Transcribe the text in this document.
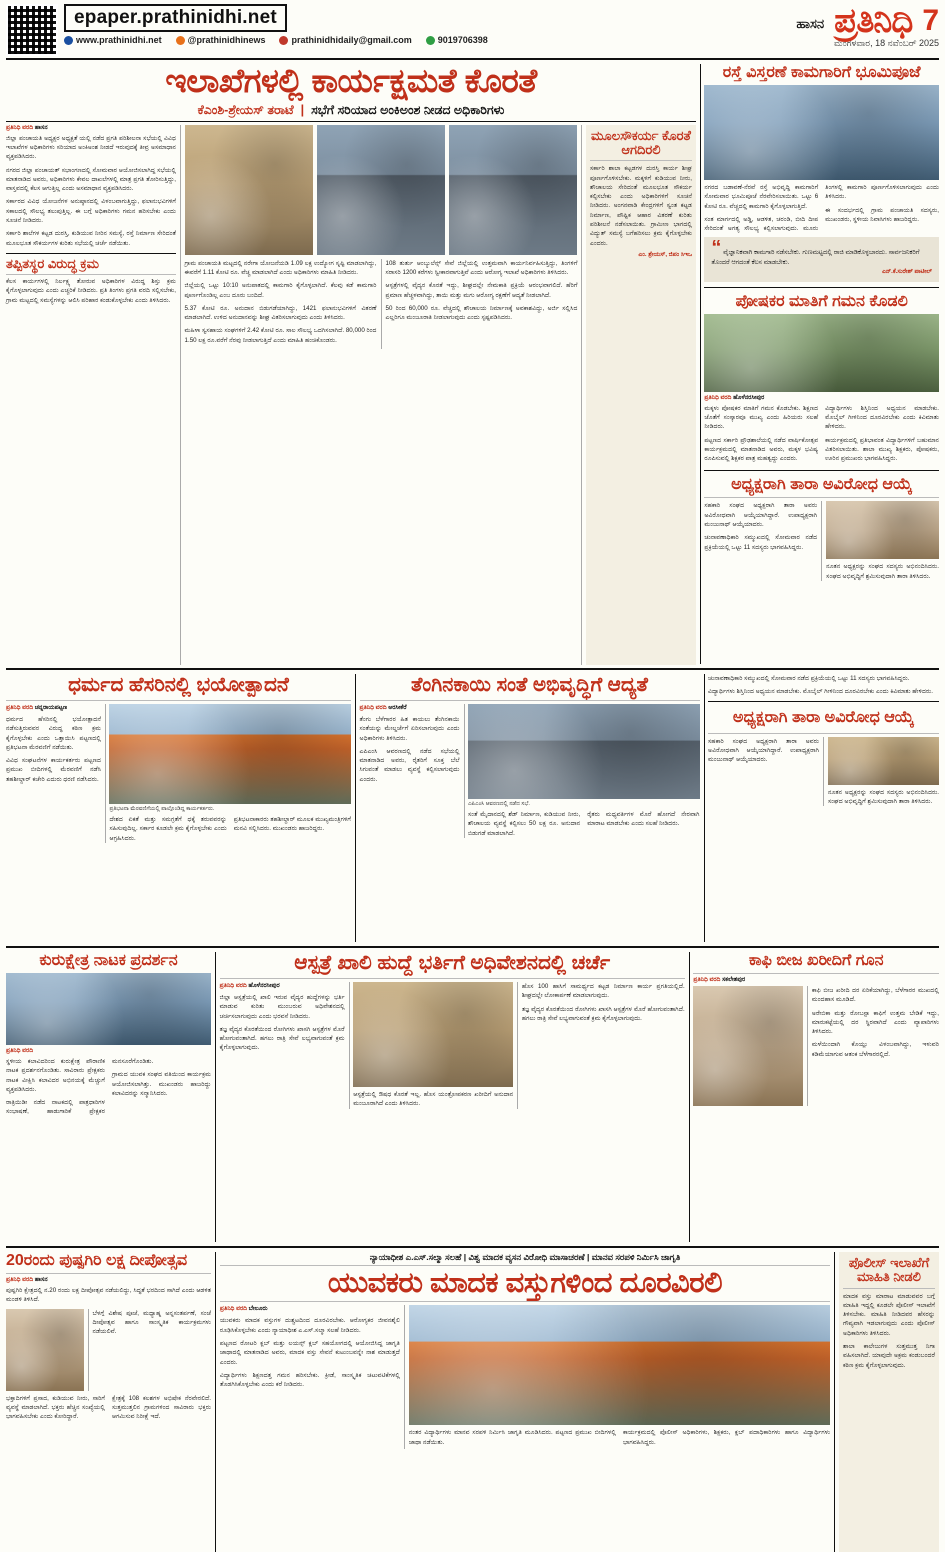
epaper.prathinidhi.net
www.prathinidhi.net	@prathinidhinews	prathinidhidaily@gmail.com	9019706398
ಹಾಸನ ಪ್ರತಿನಿಧಿ 7
ಮಂಗಳವಾರ, 18 ನವೆಂಬರ್ 2025
ಇಲಾಖೆಗಳಲ್ಲಿ ಕಾರ್ಯಕ್ಷಮತೆ ಕೊರತೆ
ಕೆಎಂಶಿ-ಶ್ರೇಯಸ್ ತರಾಟೆ  |  ಸಭೆಗೆ ಸರಿಯಾದ ಅಂಕಿಅಂಶ ನೀಡದ ಅಧಿಕಾರಿಗಳು
ಪ್ರತಿನಿಧಿ ವರದಿ ಹಾಸನ

ಜಿಲ್ಲಾ ಪಂಚಾಯತಿ ಅಧ್ಯಕ್ಷರ ಅಧ್ಯಕ್ಷತೆ ಯಲ್ಲಿ ನಡೆದ ಪ್ರಗತಿ ಪರಿಶೀಲನಾ ಸಭೆಯಲ್ಲಿ ವಿವಿಧ ಇಲಾಖೆಗಳ ಅಧಿಕಾರಿಗಳು ಸರಿಯಾದ ಅಂಕಿಅಂಶ ನೀಡದೆ ಇರುವುದಕ್ಕೆ ತೀವ್ರ ಅಸಮಾಧಾನ ವ್ಯಕ್ತಪಡಿಸಿದರು.

ನಗರದ ಜಿಲ್ಲಾ ಪಂಚಾಯತ್ ಸಭಾಂಗಣದಲ್ಲಿ ಸೋಮವಾರ ಆಯೋಜಿಸಲಾಗಿದ್ದ ಸಭೆಯಲ್ಲಿ ಮಾತನಾಡಿದ ಅವರು, ಅಧಿಕಾರಿಗಳು ಕೇವಲ ದಾಖಲೆಗಳಲ್ಲಿ ಮಾತ್ರ ಪ್ರಗತಿ ತೋರಿಸುತ್ತಿದ್ದು, ವಾಸ್ತವದಲ್ಲಿ ಕೆಲಸ ಆಗುತ್ತಿಲ್ಲ ಎಂದು ಅಸಮಾಧಾನ ವ್ಯಕ್ತಪಡಿಸಿದರು.

ಸರ್ಕಾರದ ವಿವಿಧ ಯೋಜನೆಗಳ ಅನುಷ್ಠಾನದಲ್ಲಿ ವಿಳಂಬವಾಗುತ್ತಿದ್ದು, ಫಲಾನುಭವಿಗಳಿಗೆ ಸಕಾಲದಲ್ಲಿ ಸೌಲಭ್ಯ ತಲುಪುತ್ತಿಲ್ಲ. ಈ ಬಗ್ಗೆ ಅಧಿಕಾರಿಗಳು ಗಮನ ಹರಿಸಬೇಕು ಎಂದು ಸೂಚನೆ ನೀಡಿದರು.

ಸರ್ಕಾರಿ ಶಾಲೆಗಳ ಕಟ್ಟಡ ದುರಸ್ತಿ, ಕುಡಿಯುವ ನೀರಿನ ಸಮಸ್ಯೆ, ರಸ್ತೆ ನಿರ್ಮಾಣ ಸೇರಿದಂತೆ ಮೂಲಭೂತ ಸೌಕರ್ಯಗಳ ಕುರಿತು ಸಭೆಯಲ್ಲಿ ಚರ್ಚೆ ನಡೆಯಿತು.

ತಪ್ಪಿತಸ್ಥರ ವಿರುದ್ಧ ಕ್ರಮ
ಕೆಲಸ ಕಾರ್ಯಗಳಲ್ಲಿ ನಿರ್ಲಕ್ಷ್ಯ ತೋರುವ ಅಧಿಕಾರಿಗಳ ವಿರುದ್ಧ ಶಿಸ್ತು ಕ್ರಮ ಕೈಗೊಳ್ಳಲಾಗುವುದು ಎಂದು ಎಚ್ಚರಿಕೆ ನೀಡಿದರು. ಪ್ರತಿ ತಿಂಗಳು ಪ್ರಗತಿ ವರದಿ ಸಲ್ಲಿಸಬೇಕು, ಗ್ರಾಮ ಮಟ್ಟದಲ್ಲಿ ಸಮಸ್ಯೆಗಳನ್ನು ಆಲಿಸಿ ಪರಿಹಾರ ಕಂಡುಕೊಳ್ಳಬೇಕು ಎಂದು ತಿಳಿಸಿದರು.

ಗ್ರಾಮ ಪಂಚಾಯತಿ ಮಟ್ಟದಲ್ಲಿ ನರೇಗಾ ಯೋಜನೆಯಡಿ 1.09 ಲಕ್ಷ ಉದ್ಯೋಗ ಸೃಷ್ಟಿ ಮಾಡಲಾಗಿದ್ದು, ಈವರೆಗೆ 1.11 ಕೋಟಿ ರೂ. ವೆಚ್ಚ ಮಾಡಲಾಗಿದೆ ಎಂದು ಅಧಿಕಾರಿಗಳು ಮಾಹಿತಿ ನೀಡಿದರು.

ಜಿಲ್ಲೆಯಲ್ಲಿ ಒಟ್ಟು 10:10 ಅನುಪಾತದಲ್ಲಿ ಕಾಮಗಾರಿ ಕೈಗೊಳ್ಳಲಾಗಿದೆ. ಕೆಲವು ಕಡೆ ಕಾಮಗಾರಿ ಪೂರ್ಣಗೊಂಡಿಲ್ಲ ಎಂಬ ದೂರು ಬಂದಿದೆ.

5.37 ಕೋಟಿ ರೂ. ಅನುದಾನ ಬಿಡುಗಡೆಯಾಗಿದ್ದು, 1421 ಫಲಾನುಭವಿಗಳಿಗೆ ವಿತರಣೆ ಮಾಡಲಾಗಿದೆ. ಉಳಿದ ಅನುದಾನವನ್ನು ಶೀಘ್ರ ವಿತರಿಸಲಾಗುವುದು ಎಂದು ತಿಳಿಸಿದರು.

ಮಹಿಳಾ ಸ್ವಸಹಾಯ ಸಂಘಗಳಿಗೆ 2.42 ಕೋಟಿ ರೂ. ಸಾಲ ಸೌಲಭ್ಯ ಒದಗಿಸಲಾಗಿದೆ. 80,000 ರಿಂದ 1.50 ಲಕ್ಷ ರೂ.ವರೆಗೆ ನೆರವು ನೀಡಲಾಗುತ್ತಿದೆ ಎಂದು ಮಾಹಿತಿ ಹಂಚಿಕೊಂಡರು.

108 ತುರ್ತು ಆಂಬ್ಯುಲೆನ್ಸ್ ಸೇವೆ ಜಿಲ್ಲೆಯಲ್ಲಿ ಉತ್ತಮವಾಗಿ ಕಾರ್ಯನಿರ್ವಹಿಸುತ್ತಿದ್ದು, ತಿಂಗಳಿಗೆ ಸರಾಸರಿ 1200 ಕರೆಗಳು ಸ್ವೀಕಾರವಾಗುತ್ತಿವೆ ಎಂದು ಆರೋಗ್ಯ ಇಲಾಖೆ ಅಧಿಕಾರಿಗಳು ತಿಳಿಸಿದರು.

ಆಸ್ಪತ್ರೆಗಳಲ್ಲಿ ವೈದ್ಯರ ಕೊರತೆ ಇದ್ದು, ಶೀಘ್ರದಲ್ಲೇ ನೇಮಕಾತಿ ಪ್ರಕ್ರಿಯೆ ಆರಂಭವಾಗಲಿದೆ. ಹೆರಿಗೆ ಪ್ರಮಾಣ ಹೆಚ್ಚಳವಾಗಿದ್ದು, ತಾಯಿ ಮತ್ತು ಮಗು ಆರೋಗ್ಯ ರಕ್ಷಣೆಗೆ ಆದ್ಯತೆ ನೀಡಲಾಗಿದೆ.

50 ರಿಂದ 60,000 ರೂ. ವೆಚ್ಚದಲ್ಲಿ ಶೌಚಾಲಯ ನಿರ್ಮಾಣಕ್ಕೆ ಅವಕಾಶವಿದ್ದು, ಅರ್ಜಿ ಸಲ್ಲಿಸಿದ ಎಲ್ಲರಿಗೂ ಮಂಜೂರಾತಿ ನೀಡಲಾಗುವುದು ಎಂದು ಸ್ಪಷ್ಟಪಡಿಸಿದರು.

ಮೂಲಸೌಕರ್ಯ ಕೊರತೆ ಆಗದಿರಲಿ
ಸರ್ಕಾರಿ ಶಾಲಾ ಕಟ್ಟಡಗಳ ದುರಸ್ತಿ ಕಾರ್ಯ ಶೀಘ್ರ ಪೂರ್ಣಗೊಳಿಸಬೇಕು. ಮಕ್ಕಳಿಗೆ ಕುಡಿಯುವ ನೀರು, ಶೌಚಾಲಯ ಸೇರಿದಂತೆ ಮೂಲಭೂತ ಸೌಕರ್ಯ ಕಲ್ಪಿಸಬೇಕು ಎಂದು ಅಧಿಕಾರಿಗಳಿಗೆ ಸೂಚನೆ ನೀಡಿದರು. ಅಂಗನವಾಡಿ ಕೇಂದ್ರಗಳಿಗೆ ಸ್ವಂತ ಕಟ್ಟಡ ನಿರ್ಮಾಣ, ಪೌಷ್ಟಿಕ ಆಹಾರ ವಿತರಣೆ ಕುರಿತು ಪರಿಶೀಲನೆ ನಡೆಸಲಾಯಿತು. ಗ್ರಾಮೀಣ ಭಾಗದಲ್ಲಿ ವಿದ್ಯುತ್ ಸಮಸ್ಯೆ ಬಗೆಹರಿಸಲು ಕ್ರಮ ಕೈಗೊಳ್ಳಬೇಕು ಎಂದರು.
ಎಂ. ಶ್ರೇಯಸ್, ಜಿಪಂ ಸಿಇಒ
ರಸ್ತೆ ವಿಸ್ತರಣೆ ಕಾಮಗಾರಿಗೆ ಭೂಮಿಪೂಜೆ

ನಗರದ ಬಡಾವಣೆ-ನೆರವೆ ರಸ್ತೆ ಅಭಿವೃದ್ಧಿ ಕಾಮಗಾರಿಗೆ ಸೋಮವಾರ ಭೂಮಿಪೂಜೆ ನೆರವೇರಿಸಲಾಯಿತು. ಒಟ್ಟು 6 ಕೋಟಿ ರೂ. ವೆಚ್ಚದಲ್ಲಿ ಕಾಮಗಾರಿ ಕೈಗೊಳ್ಳಲಾಗುತ್ತಿದೆ.

ಸಂತ ಮಾರ್ಗದಲ್ಲಿ ಅಡ್ಡಿ, ಆಡಳಿತ, ಚರಂಡಿ, ಬೀದಿ ದೀಪ ಸೇರಿದಂತೆ ಅಗತ್ಯ ಸೌಲಭ್ಯ ಕಲ್ಪಿಸಲಾಗುವುದು. ಮೂರು ತಿಂಗಳಲ್ಲಿ ಕಾಮಗಾರಿ ಪೂರ್ಣಗೊಳಿಸಲಾಗುವುದು ಎಂದು ತಿಳಿಸಿದರು.

ಈ ಸಂದರ್ಭದಲ್ಲಿ ಗ್ರಾಮ ಪಂಚಾಯತಿ ಸದಸ್ಯರು, ಮುಖಂಡರು, ಸ್ಥಳೀಯ ನಿವಾಸಿಗಳು ಹಾಜರಿದ್ದರು.

“ ವೈಜ್ಞಾನಿಕವಾಗಿ ಕಾಮಗಾರಿ ನಡೆಸಬೇಕು. ಗುಣಮಟ್ಟದಲ್ಲಿ ರಾಜಿ ಮಾಡಿಕೊಳ್ಳಬಾರದು. ಸಾರ್ವಜನಿಕರಿಗೆ ತೊಂದರೆ ಆಗದಂತೆ ಕೆಲಸ ಮಾಡಬೇಕು.
ಎನ್.ಕೆ.ಸುರೇಶ್ ಪಾಟೀಲ್
ಪೋಷಕರ ಮಾತಿಗೆ ಗಮನ ಕೊಡಲಿ
ಪ್ರತಿನಿಧಿ ವರದಿ ಹೊಳೆನರಸೀಪುರ

ಮಕ್ಕಳು ಪೋಷಕರ ಮಾತಿಗೆ ಗಮನ ಕೊಡಬೇಕು. ಶಿಕ್ಷಣದ ಜೊತೆಗೆ ಸಂಸ್ಕಾರವೂ ಮುಖ್ಯ ಎಂದು ಹಿರಿಯರು ಸಲಹೆ ನೀಡಿದರು.

ಪಟ್ಟಣದ ಸರ್ಕಾರಿ ಪ್ರೌಢಶಾಲೆಯಲ್ಲಿ ನಡೆದ ವಾರ್ಷಿಕೋತ್ಸವ ಕಾರ್ಯಕ್ರಮದಲ್ಲಿ ಮಾತನಾಡಿದ ಅವರು, ಮಕ್ಕಳ ಭವಿಷ್ಯ ರೂಪಿಸುವಲ್ಲಿ ಶಿಕ್ಷಕರ ಪಾತ್ರ ಮಹತ್ವದ್ದು ಎಂದರು.

ವಿದ್ಯಾರ್ಥಿಗಳು ಶಿಸ್ತಿನಿಂದ ಅಧ್ಯಯನ ಮಾಡಬೇಕು. ಮೊಬೈಲ್ ಗೀಳಿನಿಂದ ದೂರವಿರಬೇಕು ಎಂದು ಕಿವಿಮಾತು ಹೇಳಿದರು.

ಕಾರ್ಯಕ್ರಮದಲ್ಲಿ ಪ್ರತಿಭಾವಂತ ವಿದ್ಯಾರ್ಥಿಗಳಿಗೆ ಬಹುಮಾನ ವಿತರಿಸಲಾಯಿತು. ಶಾಲಾ ಮುಖ್ಯ ಶಿಕ್ಷಕರು, ಪೋಷಕರು, ಊರಿನ ಪ್ರಮುಖರು ಭಾಗವಹಿಸಿದ್ದರು.

ಅಧ್ಯಕ್ಷರಾಗಿ ತಾರಾ ಅವಿರೋಧ ಆಯ್ಕೆ

ಸಹಕಾರಿ ಸಂಘದ ಅಧ್ಯಕ್ಷರಾಗಿ ತಾರಾ ಅವರು ಅವಿರೋಧವಾಗಿ ಆಯ್ಕೆಯಾಗಿದ್ದಾರೆ. ಉಪಾಧ್ಯಕ್ಷರಾಗಿ ಮಂಜುನಾಥ್ ಆಯ್ಕೆಯಾದರು.

ಚುನಾವಣಾಧಿಕಾರಿ ಸಮ್ಮುಖದಲ್ಲಿ ಸೋಮವಾರ ನಡೆದ ಪ್ರಕ್ರಿಯೆಯಲ್ಲಿ ಒಟ್ಟು 11 ಸದಸ್ಯರು ಭಾಗವಹಿಸಿದ್ದರು.

ನೂತನ ಅಧ್ಯಕ್ಷರನ್ನು ಸಂಘದ ಸದಸ್ಯರು ಅಭಿನಂದಿಸಿದರು. ಸಂಘದ ಅಭಿವೃದ್ಧಿಗೆ ಶ್ರಮಿಸುವುದಾಗಿ ತಾರಾ ತಿಳಿಸಿದರು.
ಧರ್ಮದ ಹೆಸರಿನಲ್ಲಿ ಭಯೋತ್ಪಾದನೆ
ಪ್ರತಿನಿಧಿ ವರದಿ ಚನ್ನರಾಯಪಟ್ಟಣ

ಧರ್ಮದ ಹೆಸರಿನಲ್ಲಿ ಭಯೋತ್ಪಾದನೆ ನಡೆಸುತ್ತಿರುವವರ ವಿರುದ್ಧ ಕಠಿಣ ಕ್ರಮ ಕೈಗೊಳ್ಳಬೇಕು ಎಂದು ಒತ್ತಾಯಿಸಿ ಪಟ್ಟಣದಲ್ಲಿ ಪ್ರತಿಭಟನಾ ಮೆರವಣಿಗೆ ನಡೆಯಿತು.

ವಿವಿಧ ಸಂಘಟನೆಗಳ ಕಾರ್ಯಕರ್ತರು ಪಟ್ಟಣದ ಪ್ರಮುಖ ಬೀದಿಗಳಲ್ಲಿ ಮೆರವಣಿಗೆ ನಡೆಸಿ ತಹಶೀಲ್ದಾರ್ ಕಚೇರಿ ಎದುರು ಧರಣಿ ನಡೆಸಿದರು.

ಪ್ರತಿಭಟನಾ ಮೆರವಣಿಗೆಯಲ್ಲಿ ಪಾಲ್ಗೊಂಡಿದ್ದ ಕಾರ್ಯಕರ್ತರು.

ದೇಶದ ಏಕತೆ ಮತ್ತು ಸಮಗ್ರತೆಗೆ ಧಕ್ಕೆ ತರುವವರನ್ನು ಸಹಿಸುವುದಿಲ್ಲ. ಸರ್ಕಾರ ಕೂಡಲೇ ಕ್ರಮ ಕೈಗೊಳ್ಳಬೇಕು ಎಂದು ಆಗ್ರಹಿಸಿದರು.

ಪ್ರತಿಭಟನಾಕಾರರು ತಹಶೀಲ್ದಾರ್ ಮೂಲಕ ಮುಖ್ಯಮಂತ್ರಿಗಳಿಗೆ ಮನವಿ ಸಲ್ಲಿಸಿದರು. ಮುಖಂಡರು ಹಾಜರಿದ್ದರು.

ತೆಂಗಿನಕಾಯಿ ಸಂತೆ ಅಭಿವೃದ್ಧಿಗೆ ಆದ್ಯತೆ
ಪ್ರತಿನಿಧಿ ವರದಿ ಅರಸೀಕೆರೆ

ತೆಂಗು ಬೆಳೆಗಾರರ ಹಿತ ಕಾಯಲು ತೆಂಗಿನಕಾಯಿ ಸಂತೆಯನ್ನು ಮೇಲ್ದರ್ಜೆಗೆ ಏರಿಸಲಾಗುವುದು ಎಂದು ಅಧಿಕಾರಿಗಳು ತಿಳಿಸಿದರು.

ಎಪಿಎಂಸಿ ಆವರಣದಲ್ಲಿ ನಡೆದ ಸಭೆಯಲ್ಲಿ ಮಾತನಾಡಿದ ಅವರು, ರೈತರಿಗೆ ಸೂಕ್ತ ಬೆಲೆ ಸಿಗುವಂತೆ ಮಾಡಲು ವ್ಯವಸ್ಥೆ ಕಲ್ಪಿಸಲಾಗುವುದು ಎಂದರು.

ಎಪಿಎಂಸಿ ಆವರಣದಲ್ಲಿ ನಡೆದ ಸಭೆ.

ಸಂತೆ ಮೈದಾನದಲ್ಲಿ ಶೆಡ್ ನಿರ್ಮಾಣ, ಕುಡಿಯುವ ನೀರು, ಶೌಚಾಲಯ ವ್ಯವಸ್ಥೆ ಕಲ್ಪಿಸಲು 50 ಲಕ್ಷ ರೂ. ಅನುದಾನ ಬಿಡುಗಡೆ ಮಾಡಲಾಗಿದೆ.

ರೈತರು ಮಧ್ಯವರ್ತಿಗಳ ಮೊರೆ ಹೋಗದೆ ನೇರವಾಗಿ ಮಾರಾಟ ಮಾಡಬೇಕು ಎಂದು ಸಲಹೆ ನೀಡಿದರು.

ಚುನಾವಣಾಧಿಕಾರಿ ಸಮ್ಮುಖದಲ್ಲಿ ಸೋಮವಾರ ನಡೆದ ಪ್ರಕ್ರಿಯೆಯಲ್ಲಿ ಒಟ್ಟು 11 ಸದಸ್ಯರು ಭಾಗವಹಿಸಿದ್ದರು.

ವಿದ್ಯಾರ್ಥಿಗಳು ಶಿಸ್ತಿನಿಂದ ಅಧ್ಯಯನ ಮಾಡಬೇಕು. ಮೊಬೈಲ್ ಗೀಳಿನಿಂದ ದೂರವಿರಬೇಕು ಎಂದು ಕಿವಿಮಾತು ಹೇಳಿದರು.

ಅಧ್ಯಕ್ಷರಾಗಿ ತಾರಾ ಅವಿರೋಧ ಆಯ್ಕೆ

ಸಹಕಾರಿ ಸಂಘದ ಅಧ್ಯಕ್ಷರಾಗಿ ತಾರಾ ಅವರು ಅವಿರೋಧವಾಗಿ ಆಯ್ಕೆಯಾಗಿದ್ದಾರೆ. ಉಪಾಧ್ಯಕ್ಷರಾಗಿ ಮಂಜುನಾಥ್ ಆಯ್ಕೆಯಾದರು.

ನೂತನ ಅಧ್ಯಕ್ಷರನ್ನು ಸಂಘದ ಸದಸ್ಯರು ಅಭಿನಂದಿಸಿದರು. ಸಂಘದ ಅಭಿವೃದ್ಧಿಗೆ ಶ್ರಮಿಸುವುದಾಗಿ ತಾರಾ ತಿಳಿಸಿದರು.

ಕುರುಕ್ಷೇತ್ರ ನಾಟಕ ಪ್ರದರ್ಶನ
ಪ್ರತಿನಿಧಿ ವರದಿ

ಸ್ಥಳೀಯ ಕಲಾವಿದರಿಂದ ಕುರುಕ್ಷೇತ್ರ ಪೌರಾಣಿಕ ನಾಟಕ ಪ್ರದರ್ಶನಗೊಂಡಿತು. ಸಾವಿರಾರು ಪ್ರೇಕ್ಷಕರು ನಾಟಕ ವೀಕ್ಷಿಸಿ ಕಲಾವಿದರ ಅಭಿನಯಕ್ಕೆ ಮೆಚ್ಚುಗೆ ವ್ಯಕ್ತಪಡಿಸಿದರು.

ರಾತ್ರಿಯಿಡೀ ನಡೆದ ನಾಟಕದಲ್ಲಿ ಪಾತ್ರಧಾರಿಗಳ ಸಂಭಾಷಣೆ, ಹಾಡುಗಾರಿಕೆ ಪ್ರೇಕ್ಷಕರ ಮನಸೂರೆಗೊಂಡಿತು.

ಗ್ರಾಮದ ಯುವಕ ಸಂಘದ ವತಿಯಿಂದ ಕಾರ್ಯಕ್ರಮ ಆಯೋಜಿಸಲಾಗಿತ್ತು. ಮುಖಂಡರು ಹಾಜರಿದ್ದು ಕಲಾವಿದರನ್ನು ಸನ್ಮಾನಿಸಿದರು.

ಆಸ್ಪತ್ರೆ ಖಾಲಿ ಹುದ್ದೆ ಭರ್ತಿಗೆ ಅಧಿವೇಶನದಲ್ಲಿ ಚರ್ಚೆ
ಪ್ರತಿನಿಧಿ ವರದಿ ಹೊಳೆನರಸೀಪುರ

ಜಿಲ್ಲಾ ಆಸ್ಪತ್ರೆಯಲ್ಲಿ ಖಾಲಿ ಇರುವ ವೈದ್ಯರ ಹುದ್ದೆಗಳನ್ನು ಭರ್ತಿ ಮಾಡುವ ಕುರಿತು ಮುಂಬರುವ ಅಧಿವೇಶನದಲ್ಲಿ ಚರ್ಚಿಸಲಾಗುವುದು ಎಂದು ಭರವಸೆ ನೀಡಿದರು.

ತಜ್ಞ ವೈದ್ಯರ ಕೊರತೆಯಿಂದ ರೋಗಿಗಳು ಖಾಸಗಿ ಆಸ್ಪತ್ರೆಗಳ ಮೊರೆ ಹೋಗುವಂತಾಗಿದೆ. ಹಗಲು ರಾತ್ರಿ ಸೇವೆ ಲಭ್ಯವಾಗುವಂತೆ ಕ್ರಮ ಕೈಗೊಳ್ಳಲಾಗುವುದು.

ಆಸ್ಪತ್ರೆಯಲ್ಲಿ ಔಷಧ ಕೊರತೆ ಇಲ್ಲ. ಹೊಸ ಯಂತ್ರೋಪಕರಣ ಖರೀದಿಗೆ ಅನುದಾನ ಮಂಜೂರಾಗಿದೆ ಎಂದು ತಿಳಿಸಿದರು.

ಹೊಸ 100 ಹಾಸಿಗೆ ಸಾಮರ್ಥ್ಯದ ಕಟ್ಟಡ ನಿರ್ಮಾಣ ಕಾರ್ಯ ಪ್ರಗತಿಯಲ್ಲಿದೆ. ಶೀಘ್ರದಲ್ಲೇ ಲೋಕಾರ್ಪಣೆ ಮಾಡಲಾಗುವುದು.

ತಜ್ಞ ವೈದ್ಯರ ಕೊರತೆಯಿಂದ ರೋಗಿಗಳು ಖಾಸಗಿ ಆಸ್ಪತ್ರೆಗಳ ಮೊರೆ ಹೋಗುವಂತಾಗಿದೆ. ಹಗಲು ರಾತ್ರಿ ಸೇವೆ ಲಭ್ಯವಾಗುವಂತೆ ಕ್ರಮ ಕೈಗೊಳ್ಳಲಾಗುವುದು.

ಕಾಫಿ ಬೀಜ ಖರೀದಿಗೆ ಗೂನ
ಪ್ರತಿನಿಧಿ ವರದಿ ಸಕಲೇಶಪುರ

ಕಾಫಿ ಬೀಜ ಖರೀದಿ ದರ ಏರಿಕೆಯಾಗಿದ್ದು, ಬೆಳೆಗಾರರ ಮುಖದಲ್ಲಿ ಮಂದಹಾಸ ಮೂಡಿದೆ.

ಅರೇಬಿಕಾ ಮತ್ತು ರೋಬಸ್ಟಾ ಕಾಫಿಗೆ ಉತ್ತಮ ಬೇಡಿಕೆ ಇದ್ದು, ಮಾರುಕಟ್ಟೆಯಲ್ಲಿ ದರ ಸ್ಥಿರವಾಗಿದೆ ಎಂದು ವ್ಯಾಪಾರಿಗಳು ತಿಳಿಸಿದರು.

ಮಳೆಯಿಂದಾಗಿ ಕೊಯ್ಲು ವಿಳಂಬವಾಗಿದ್ದು, ಇಳುವರಿ ಕಡಿಮೆಯಾಗುವ ಆತಂಕ ಬೆಳೆಗಾರರಲ್ಲಿದೆ.

20ರಂದು ಪುಷ್ಪಗಿರಿ ಲಕ್ಷ ದೀಪೋತ್ಸವ
ಪ್ರತಿನಿಧಿ ವರದಿ ಹಾಸನ

ಪುಷ್ಪಗಿರಿ ಕ್ಷೇತ್ರದಲ್ಲಿ ನ.20 ರಂದು ಲಕ್ಷ ದೀಪೋತ್ಸವ ನಡೆಯಲಿದ್ದು, ಸಿದ್ಧತೆ ಭರದಿಂದ ಸಾಗಿದೆ ಎಂದು ಆಡಳಿತ ಮಂಡಳಿ ತಿಳಿಸಿದೆ.

ಬೆಳಗ್ಗೆ ವಿಶೇಷ ಪೂಜೆ, ಮಧ್ಯಾಹ್ನ ಅನ್ನಸಂತರ್ಪಣೆ, ಸಂಜೆ ದೀಪೋತ್ಸವ ಹಾಗೂ ಸಾಂಸ್ಕೃತಿಕ ಕಾರ್ಯಕ್ರಮಗಳು ನಡೆಯಲಿವೆ.

ಭಕ್ತಾದಿಗಳಿಗೆ ಪ್ರಸಾದ, ಕುಡಿಯುವ ನೀರು, ಸಾರಿಗೆ ವ್ಯವಸ್ಥೆ ಮಾಡಲಾಗಿದೆ. ಭಕ್ತರು ಹೆಚ್ಚಿನ ಸಂಖ್ಯೆಯಲ್ಲಿ ಭಾಗವಹಿಸಬೇಕು ಎಂದು ಕೋರಿದ್ದಾರೆ.

ಕ್ಷೇತ್ರಕ್ಕೆ 108 ಕಲಶಗಳ ಅಭಿಷೇಕ ನೆರವೇರಲಿದೆ. ಸುತ್ತಮುತ್ತಲಿನ ಗ್ರಾಮಗಳಿಂದ ಸಾವಿರಾರು ಭಕ್ತರು ಆಗಮಿಸುವ ನಿರೀಕ್ಷೆ ಇದೆ.

ನ್ಯಾಯಾಧೀಶ ಎ.ಎಸ್.ಸಲ್ಮಾ ಸಲಹೆ | ವಿಶ್ವ ಮಾದಕ ವ್ಯಸನ ವಿರೋಧಿ ಮಾಸಾಚರಣೆ | ಮಾನವ ಸರಪಳಿ ನಿರ್ಮಿಸಿ ಜಾಗೃತಿ
ಯುವಕರು ಮಾದಕ ವಸ್ತುಗಳಿಂದ ದೂರವಿರಲಿ
ಪ್ರತಿನಿಧಿ ವರದಿ ಬೇಲೂರು

ಯುವಕರು ಮಾದಕ ವಸ್ತುಗಳ ದುಶ್ಚಟದಿಂದ ದೂರವಿರಬೇಕು. ಆರೋಗ್ಯಕರ ಜೀವನಶೈಲಿ ರೂಢಿಸಿಕೊಳ್ಳಬೇಕು ಎಂದು ನ್ಯಾಯಾಧೀಶ ಎ.ಎಸ್.ಸಲ್ಮಾ ಸಲಹೆ ನೀಡಿದರು.

ಪಟ್ಟಣದ ರೋಟರಿ ಕ್ಲಬ್ ಮತ್ತು ಲಯನ್ಸ್ ಕ್ಲಬ್ ಸಹಯೋಗದಲ್ಲಿ ಆಯೋಜಿಸಿದ್ದ ಜಾಗೃತಿ ಜಾಥಾದಲ್ಲಿ ಮಾತನಾಡಿದ ಅವರು, ಮಾದಕ ವಸ್ತು ಸೇವನೆ ಕುಟುಂಬವನ್ನೇ ನಾಶ ಮಾಡುತ್ತದೆ ಎಂದರು.

ವಿದ್ಯಾರ್ಥಿಗಳು ಶಿಕ್ಷಣದತ್ತ ಗಮನ ಹರಿಸಬೇಕು. ಕ್ರೀಡೆ, ಸಾಂಸ್ಕೃತಿಕ ಚಟುವಟಿಕೆಗಳಲ್ಲಿ ತೊಡಗಿಸಿಕೊಳ್ಳಬೇಕು ಎಂದು ಕರೆ ನೀಡಿದರು.

ನಂತರ ವಿದ್ಯಾರ್ಥಿಗಳು ಮಾನವ ಸರಪಳಿ ನಿರ್ಮಿಸಿ ಜಾಗೃತಿ ಮೂಡಿಸಿದರು. ಪಟ್ಟಣದ ಪ್ರಮುಖ ಬೀದಿಗಳಲ್ಲಿ ಜಾಥಾ ನಡೆಯಿತು.

ಕಾರ್ಯಕ್ರಮದಲ್ಲಿ ಪೊಲೀಸ್ ಅಧಿಕಾರಿಗಳು, ಶಿಕ್ಷಕರು, ಕ್ಲಬ್ ಪದಾಧಿಕಾರಿಗಳು ಹಾಗೂ ವಿದ್ಯಾರ್ಥಿಗಳು ಭಾಗವಹಿಸಿದ್ದರು.

ಪೊಲೀಸ್ ಇಲಾಖೆಗೆ ಮಾಹಿತಿ ನೀಡಲಿ

ಮಾದಕ ವಸ್ತು ಮಾರಾಟ ಮಾಡುವವರ ಬಗ್ಗೆ ಮಾಹಿತಿ ಇದ್ದಲ್ಲಿ ಕೂಡಲೇ ಪೊಲೀಸ್ ಇಲಾಖೆಗೆ ತಿಳಿಸಬೇಕು. ಮಾಹಿತಿ ನೀಡಿದವರ ಹೆಸರನ್ನು ಗೌಪ್ಯವಾಗಿ ಇಡಲಾಗುವುದು ಎಂದು ಪೊಲೀಸ್ ಅಧಿಕಾರಿಗಳು ತಿಳಿಸಿದರು.

ಶಾಲಾ ಕಾಲೇಜುಗಳ ಸುತ್ತಮುತ್ತ ನಿಗಾ ವಹಿಸಲಾಗಿದೆ. ಯಾವುದೇ ಅಕ್ರಮ ಕಂಡುಬಂದರೆ ಕಠಿಣ ಕ್ರಮ ಕೈಗೊಳ್ಳಲಾಗುವುದು.
